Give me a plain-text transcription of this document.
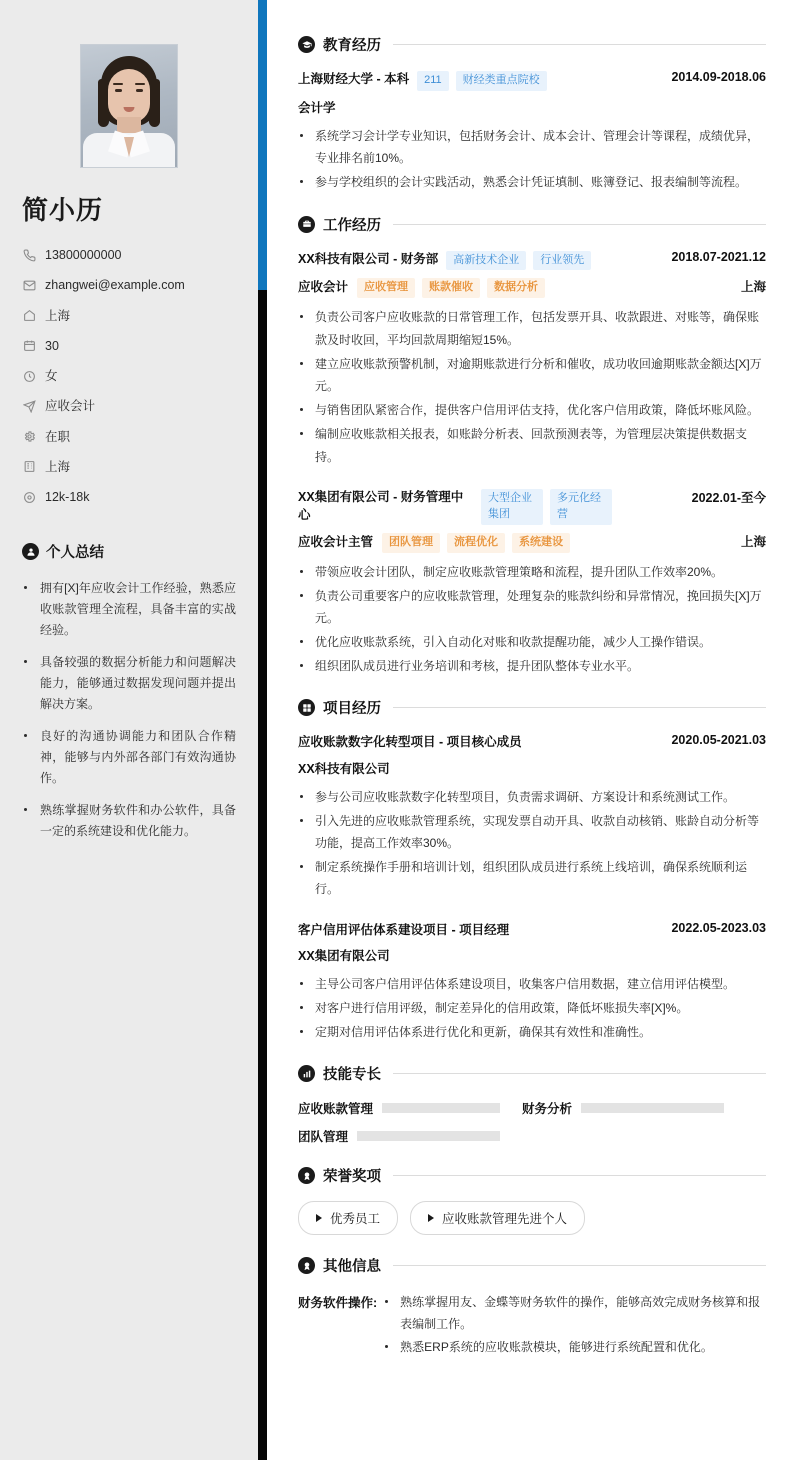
简小历
13800000000
zhangwei@example.com
上海
30
女
应收会计
在职
上海
12k-18k
个人总结
拥有[X]年应收会计工作经验，熟悉应收账款管理全流程，具备丰富的实战经验。
具备较强的数据分析能力和问题解决能力，能够通过数据发现问题并提出解决方案。
良好的沟通协调能力和团队合作精神，能够与内外部各部门有效沟通协作。
熟练掌握财务软件和办公软件，具备一定的系统建设和优化能力。
教育经历
上海财经大学 - 本科	211	财经类重点院校	2014.09-2018.06
会计学
系统学习会计学专业知识，包括财务会计、成本会计、管理会计等课程，成绩优异，专业排名前10%。
参与学校组织的会计实践活动，熟悉会计凭证填制、账簿登记、报表编制等流程。
工作经历
XX科技有限公司 - 财务部	高新技术企业	行业领先	2018.07-2021.12
应收会计	应收管理	账款催收	数据分析	上海
负责公司客户应收账款的日常管理工作，包括发票开具、收款跟进、对账等，确保账款及时收回，平均回款周期缩短15%。
建立应收账款预警机制，对逾期账款进行分析和催收，成功收回逾期账款金额达[X]万元。
与销售团队紧密合作，提供客户信用评估支持，优化客户信用政策，降低坏账风险。
编制应收账款相关报表，如账龄分析表、回款预测表等，为管理层决策提供数据支持。
XX集团有限公司 - 财务管理中心
大型企业集团
多元化经营
2022.01-至今
应收会计主管	团队管理	流程优化	系统建设	上海
带领应收会计团队，制定应收账款管理策略和流程，提升团队工作效率20%。
负责公司重要客户的应收账款管理，处理复杂的账款纠纷和异常情况，挽回损失[X]万元。
优化应收账款系统，引入自动化对账和收款提醒功能，减少人工操作错误。
组织团队成员进行业务培训和考核，提升团队整体专业水平。
项目经历
应收账款数字化转型项目 - 项目核心成员	2020.05-2021.03
XX科技有限公司
参与公司应收账款数字化转型项目，负责需求调研、方案设计和系统测试工作。
引入先进的应收账款管理系统，实现发票自动开具、收款自动核销、账龄自动分析等功能，提高工作效率30%。
制定系统操作手册和培训计划，组织团队成员进行系统上线培训，确保系统顺利运行。
客户信用评估体系建设项目 - 项目经理	2022.05-2023.03
XX集团有限公司
主导公司客户信用评估体系建设项目，收集客户信用数据，建立信用评估模型。
对客户进行信用评级，制定差异化的信用政策，降低坏账损失率[X]%。
定期对信用评估体系进行优化和更新，确保其有效性和准确性。
技能专长
应收账款管理	财务分析
团队管理
荣誉奖项
优秀员工	应收账款管理先进个人
其他信息
财务软件操作:	熟练掌握用友、金蝶等财务软件的操作，能够高效完成财务核算和报表编制工作。
熟悉ERP系统的应收账款模块，能够进行系统配置和优化。
